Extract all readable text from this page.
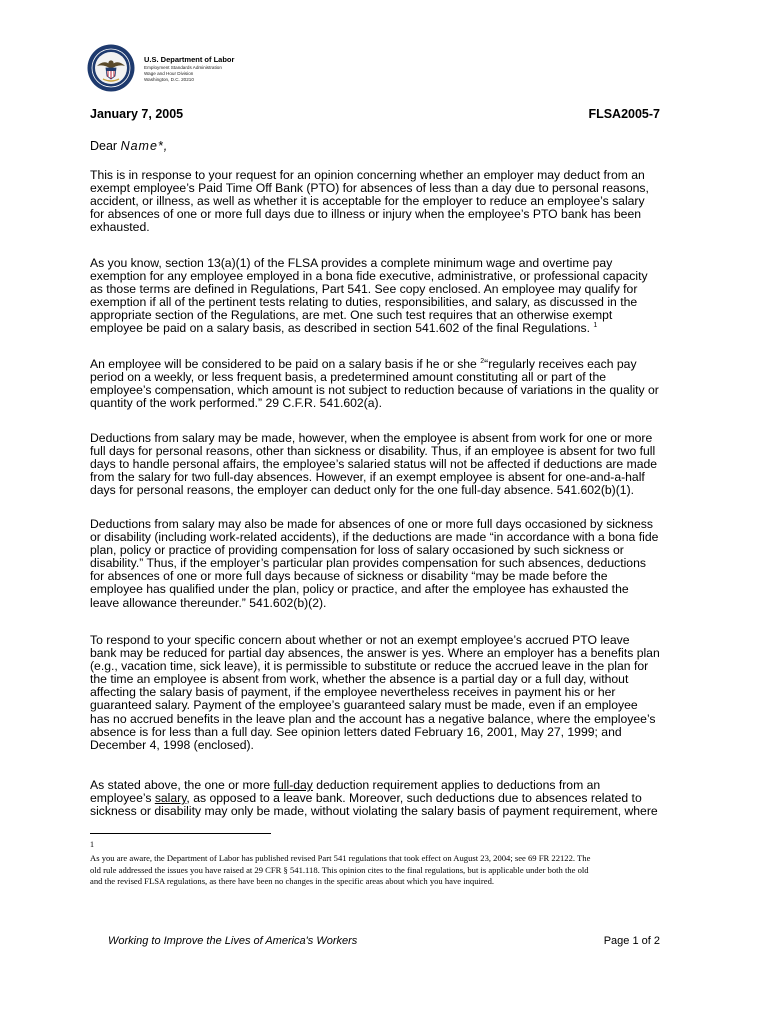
U.S. Department of Labor
Employment Standards Administration
Wage and Hour Division
Washington, D.C. 20210
January 7, 2005	FLSA2005-7
Dear Name*,
This is in response to your request for an opinion concerning whether an employer may deduct from an
exempt employee’s Paid Time Off Bank (PTO) for absences of less than a day due to personal reasons,
accident, or illness, as well as whether it is acceptable for the employer to reduce an employee’s salary
for absences of one or more full days due to illness or injury when the employee’s PTO bank has been
exhausted.
As you know, section 13(a)(1) of the FLSA provides a complete minimum wage and overtime pay
exemption for any employee employed in a bona fide executive, administrative, or professional capacity
as those terms are defined in Regulations, Part 541. See copy enclosed. An employee may qualify for
exemption if all of the pertinent tests relating to duties, responsibilities, and salary, as discussed in the
appropriate section of the Regulations, are met. One such test requires that an otherwise exempt
employee be paid on a salary basis, as described in section 541.602 of the final Regulations. $^1$
An employee will be considered to be paid on a salary basis if he or she $^2$“regularly receives each pay
period on a weekly, or less frequent basis, a predetermined amount constituting all or part of the
employee’s compensation, which amount is not subject to reduction because of variations in the quality or
quantity of the work performed.” 29 C.F.R. 541.602(a).
Deductions from salary may be made, however, when the employee is absent from work for one or more
full days for personal reasons, other than sickness or disability. Thus, if an employee is absent for two full
days to handle personal affairs, the employee’s salaried status will not be affected if deductions are made
from the salary for two full-day absences. However, if an exempt employee is absent for one-and-a-half
days for personal reasons, the employer can deduct only for the one full-day absence. 541.602(b)(1).
Deductions from salary may also be made for absences of one or more full days occasioned by sickness
or disability (including work-related accidents), if the deductions are made “in accordance with a bona fide
plan, policy or practice of providing compensation for loss of salary occasioned by such sickness or
disability.” Thus, if the employer’s particular plan provides compensation for such absences, deductions
for absences of one or more full days because of sickness or disability “may be made before the
employee has qualified under the plan, policy or practice, and after the employee has exhausted the
leave allowance thereunder.” 541.602(b)(2).
To respond to your specific concern about whether or not an exempt employee’s accrued PTO leave
bank may be reduced for partial day absences, the answer is yes. Where an employer has a benefits plan
(e.g., vacation time, sick leave), it is permissible to substitute or reduce the accrued leave in the plan for
the time an employee is absent from work, whether the absence is a partial day or a full day, without
affecting the salary basis of payment, if the employee nevertheless receives in payment his or her
guaranteed salary. Payment of the employee’s guaranteed salary must be made, even if an employee
has no accrued benefits in the leave plan and the account has a negative balance, where the employee’s
absence is for less than a full day. See opinion letters dated February 16, 2001, May 27, 1999; and
December 4, 1998 (enclosed).
As stated above, the one or more full-day deduction requirement applies to deductions from an
employee’s salary, as opposed to a leave bank. Moreover, such deductions due to absences related to
sickness or disability may only be made, without violating the salary basis of payment requirement, where
1
As you are aware, the Department of Labor has published revised Part 541 regulations that took effect on August 23, 2004; see 69 FR 22122. The
old rule addressed the issues you have raised at 29 CFR § 541.118. This opinion cites to the final regulations, but is applicable under both the old
and the revised FLSA regulations, as there have been no changes in the specific areas about which you have inquired.
Working to Improve the Lives of America's Workers	Page 1 of 2
